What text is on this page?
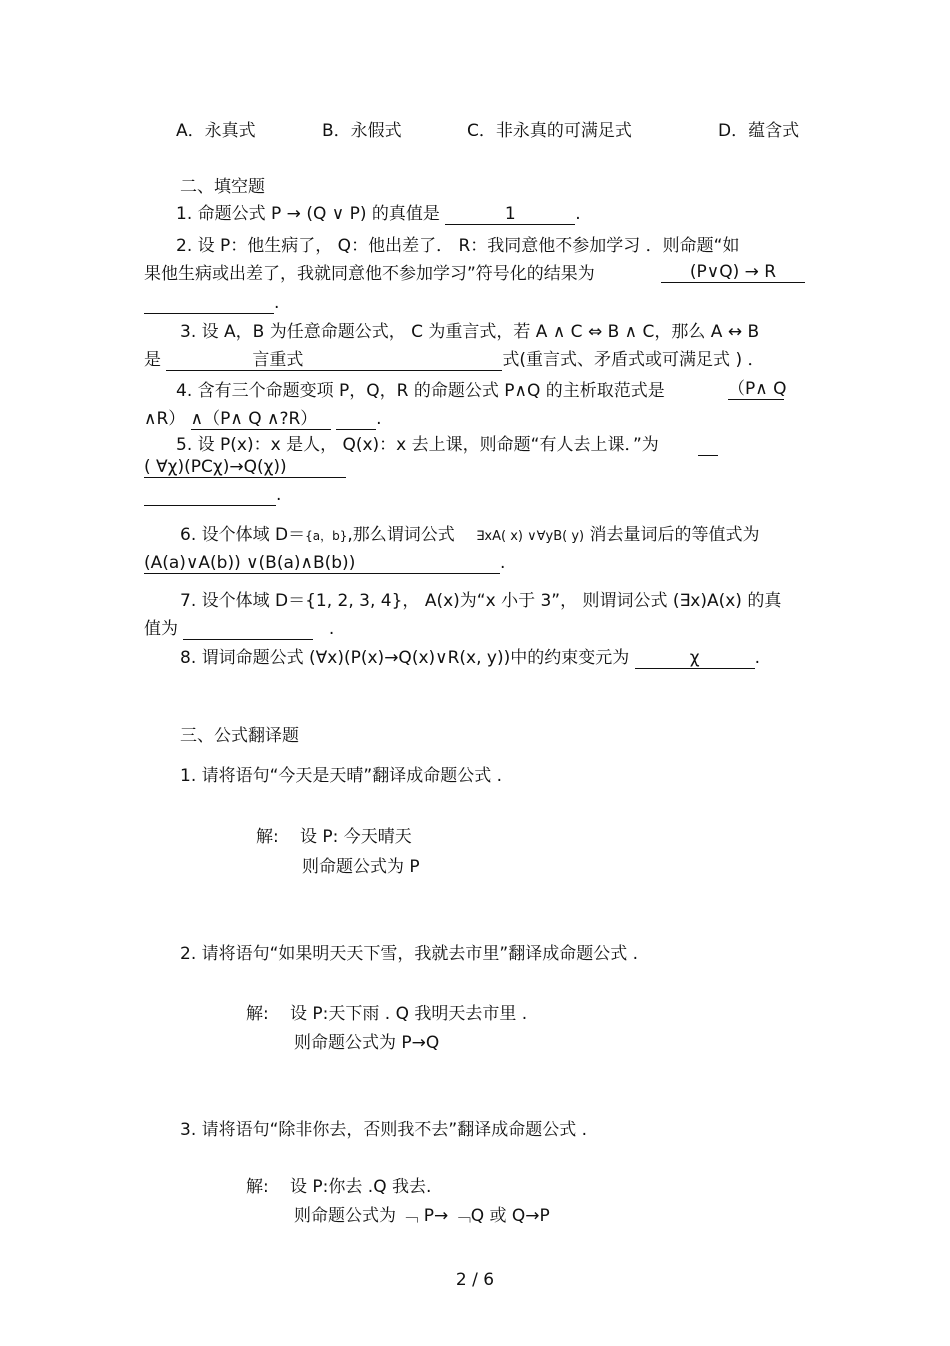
A．永真式	B．永假式	C．非永真的可满足式	D．蕴含式
二、填空题
1. 命题公式 P → (Q ∨ P) 的真值是	1	.
2. 设 P：他生病了， Q：他出差了． R：我同意他不参加学习 ．则命题“如
果他生病或出差了，我就同意他不参加学习”符号化的结果为	(P∨Q) → R
.
3. 设 A，B 为任意命题公式， C 为重言式，若 A ∧ C ⇔ B ∧ C，那么 A ↔ B
是	言重式	式(重言式、矛盾式或可满足式 ) ．
4. 含有三个命题变项 P，Q，R 的命题公式 P∧Q 的主析取范式是	（P∧ Q
∧R） ∧（P∧ Q ∧?R）	.
5. 设 P(x)：x 是人， Q(x)：x 去上课，则命题“有人去上课．”为
( ∀χ)(PCχ)→Q(χ))
.
6. 设个体域 D＝{a，b},那么谓词公式 ∃xA( x) ∨∀yB( y) 消去量词后的等值式为
(A(a)∨A(b)) ∨(B(a)∧B(b))	.
7. 设个体域 D＝{1, 2, 3, 4}， A(x)为“x 小于 3”， 则谓词公式 (∃x)A(x) 的真
值为	.
8. 谓词命题公式 (∀x)(P(x)→Q(x)∨R(x, y))中的约束变元为	χ	.
三、公式翻译题
1. 请将语句“今天是天晴”翻译成命题公式 .
解: 设 P: 今天晴天
则命题公式为 P
2. 请将语句“如果明天天下雪，我就去市里”翻译成命题公式 .
解: 设 P:天下雨 . Q 我明天去市里 .
则命题公式为 P→Q
3. 请将语句“除非你去，否则我不去”翻译成命题公式 .
解: 设 P:你去 .Q 我去.
则命题公式为 ﹁ P→ ﹁Q 或 Q→P
2 / 6
